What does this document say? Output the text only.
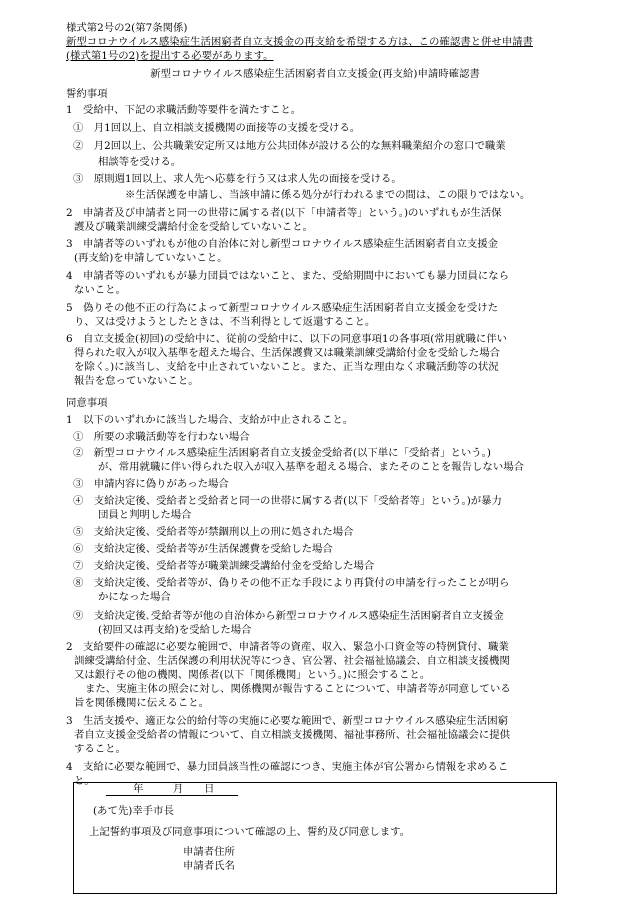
様式第2号の2(第7条関係)
新型コロナウイルス感染症生活困窮者自立支援金の再支給を希望する方は、この確認書と併せ申請書
(様式第1号の2)を提出する必要があります。
新型コロナウイルス感染症生活困窮者自立支援金(再支給)申請時確認書
誓約事項
1　受給中、下記の求職活動等要件を満たすこと。
①　月1回以上、自立相談支援機関の面接等の支援を受ける。
②　月2回以上、公共職業安定所又は地方公共団体が設ける公的な無料職業紹介の窓口で職業
相談等を受ける。
③　原則週1回以上、求人先へ応募を行う又は求人先の面接を受ける。
※生活保護を申請し、当該申請に係る処分が行われるまでの間は、この限りではない。
2　申請者及び申請者と同一の世帯に属する者(以下「申請者等」という。)のいずれもが生活保
護及び職業訓練受講給付金を受給していないこと。
3　申請者等のいずれもが他の自治体に対し新型コロナウイルス感染症生活困窮者自立支援金
(再支給)を申請していないこと。
4　申請者等のいずれもが暴力団員ではないこと、また、受給期間中においても暴力団員になら
ないこと。
5　偽りその他不正の行為によって新型コロナウイルス感染症生活困窮者自立支援金を受けた
り、又は受けようとしたときは、不当利得として返還すること。
6　自立支援金(初回)の受給中に、従前の受給中に、以下の同意事項1の各事項(常用就職に伴い
得られた収入が収入基準を超えた場合、生活保護費又は職業訓練受講給付金を受給した場合
を除く。)に該当し、支給を中止されていないこと。また、正当な理由なく求職活動等の状況
報告を怠っていないこと。
同意事項
1　以下のいずれかに該当した場合、支給が中止されること。
①　所要の求職活動等を行わない場合
②　新型コロナウイルス感染症生活困窮者自立支援金受給者(以下単に「受給者」という。)
が、常用就職に伴い得られた収入が収入基準を超える場合、またそのことを報告しない場合
③　申請内容に偽りがあった場合
④　支給決定後、受給者と受給者と同一の世帯に属する者(以下「受給者等」という。)が暴力
団員と判明した場合
⑤　支給決定後、受給者等が禁錮刑以上の刑に処された場合
⑥　支給決定後、受給者等が生活保護費を受給した場合
⑦　支給決定後、受給者等が職業訓練受講給付金を受給した場合
⑧　支給決定後、受給者等が、偽りその他不正な手段により再貸付の申請を行ったことが明ら
かになった場合
⑨　支給決定後､受給者等が他の自治体から新型コロナウイルス感染症生活困窮者自立支援金
(初回又は再支給)を受給した場合
2　支給要件の確認に必要な範囲で、申請者等の資産、収入、緊急小口資金等の特例貸付、職業
訓練受講給付金、生活保護の利用状況等につき、官公署、社会福祉協議会、自立相談支援機関
又は銀行その他の機関、関係者(以下「関係機関」という。)に照会すること。
また、実施主体の照会に対し、関係機関が報告することについて、申請者等が同意している
旨を関係機関に伝えること。
3　生活支援や、適正な公的給付等の実施に必要な範囲で、新型コロナウイルス感染症生活困窮
者自立支援金受給者の情報について、自立相談支援機関、福祉事務所、社会福祉協議会に提供
すること。
4　支給に必要な範囲で、暴力団員該当性の確認につき、実施主体が官公署から情報を求めるこ
と。
年	月 日
(あて先)幸手市長
上記誓約事項及び同意事項について確認の上、誓約及び同意します。
申請者住所
申請者氏名
